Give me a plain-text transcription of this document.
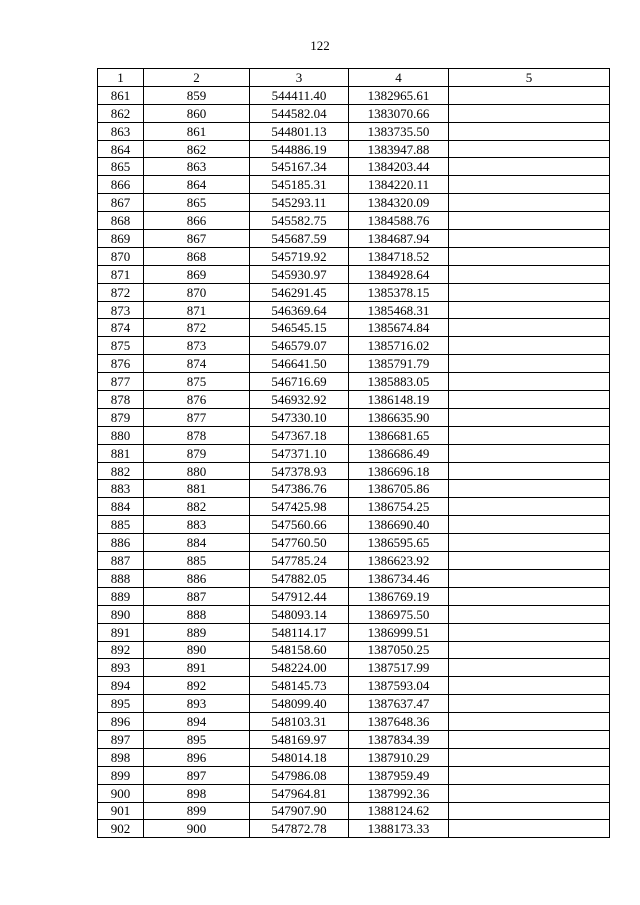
122
1	2	3	4	5
861	859	544411.40	1382965.61	
862	860	544582.04	1383070.66	
863	861	544801.13	1383735.50	
864	862	544886.19	1383947.88	
865	863	545167.34	1384203.44	
866	864	545185.31	1384220.11	
867	865	545293.11	1384320.09	
868	866	545582.75	1384588.76	
869	867	545687.59	1384687.94	
870	868	545719.92	1384718.52	
871	869	545930.97	1384928.64	
872	870	546291.45	1385378.15	
873	871	546369.64	1385468.31	
874	872	546545.15	1385674.84	
875	873	546579.07	1385716.02	
876	874	546641.50	1385791.79	
877	875	546716.69	1385883.05	
878	876	546932.92	1386148.19	
879	877	547330.10	1386635.90	
880	878	547367.18	1386681.65	
881	879	547371.10	1386686.49	
882	880	547378.93	1386696.18	
883	881	547386.76	1386705.86	
884	882	547425.98	1386754.25	
885	883	547560.66	1386690.40	
886	884	547760.50	1386595.65	
887	885	547785.24	1386623.92	
888	886	547882.05	1386734.46	
889	887	547912.44	1386769.19	
890	888	548093.14	1386975.50	
891	889	548114.17	1386999.51	
892	890	548158.60	1387050.25	
893	891	548224.00	1387517.99	
894	892	548145.73	1387593.04	
895	893	548099.40	1387637.47	
896	894	548103.31	1387648.36	
897	895	548169.97	1387834.39	
898	896	548014.18	1387910.29	
899	897	547986.08	1387959.49	
900	898	547964.81	1387992.36	
901	899	547907.90	1388124.62	
902	900	547872.78	1388173.33	
